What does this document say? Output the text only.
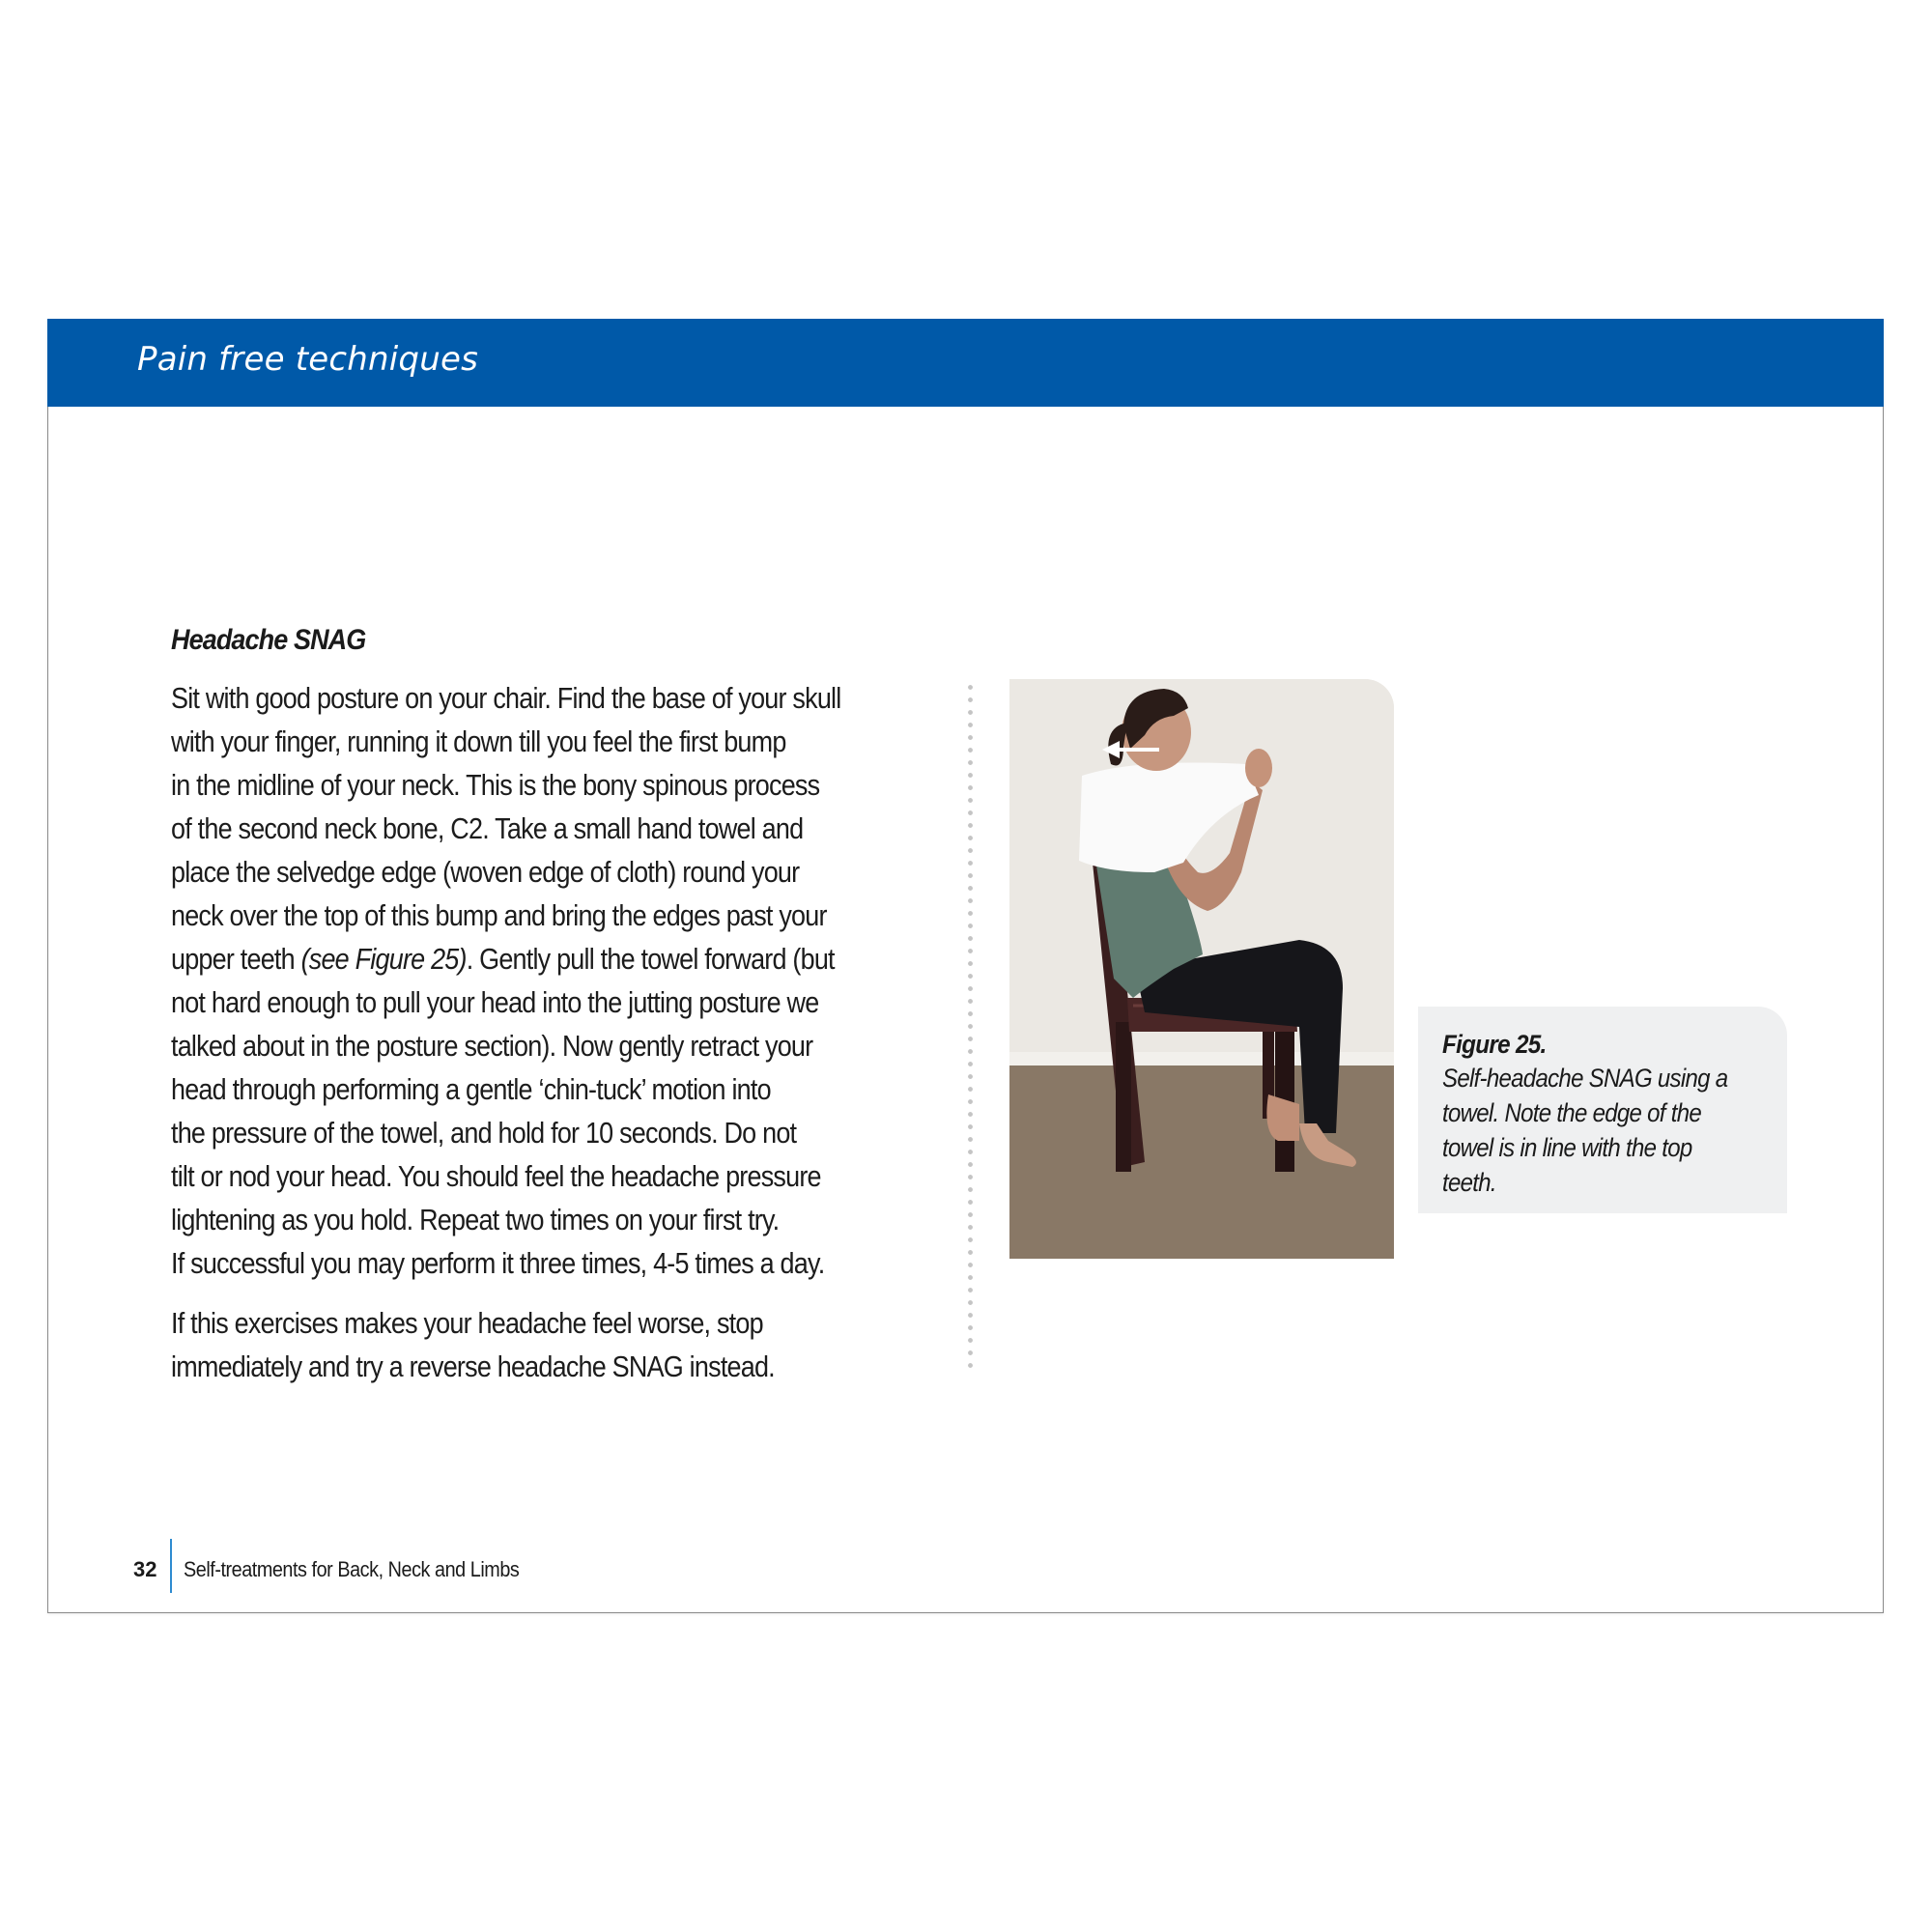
Pain free techniques
Headache SNAG
Sit with good posture on your chair. Find the base of your skull
with your finger, running it down till you feel the first bump
in the midline of your neck. This is the bony spinous process
of the second neck bone, C2. Take a small hand towel and
place the selvedge edge (woven edge of cloth) round your
neck over the top of this bump and bring the edges past your
upper teeth (see Figure 25). Gently pull the towel forward (but
not hard enough to pull your head into the jutting posture we
talked about in the posture section). Now gently retract your
head through performing a gentle ‘chin-tuck’ motion into
the pressure of the towel, and hold for 10 seconds. Do not
tilt or nod your head. You should feel the headache pressure
lightening as you hold. Repeat two times on your first try.
If successful you may perform it three times, 4-5 times a day.
If this exercises makes your headache feel worse, stop
immediately and try a reverse headache SNAG instead.
Figure 25.
Self-headache SNAG using a
towel. Note the edge of the
towel is in line with the top
teeth.
32 Self-treatments for Back, Neck and Limbs
